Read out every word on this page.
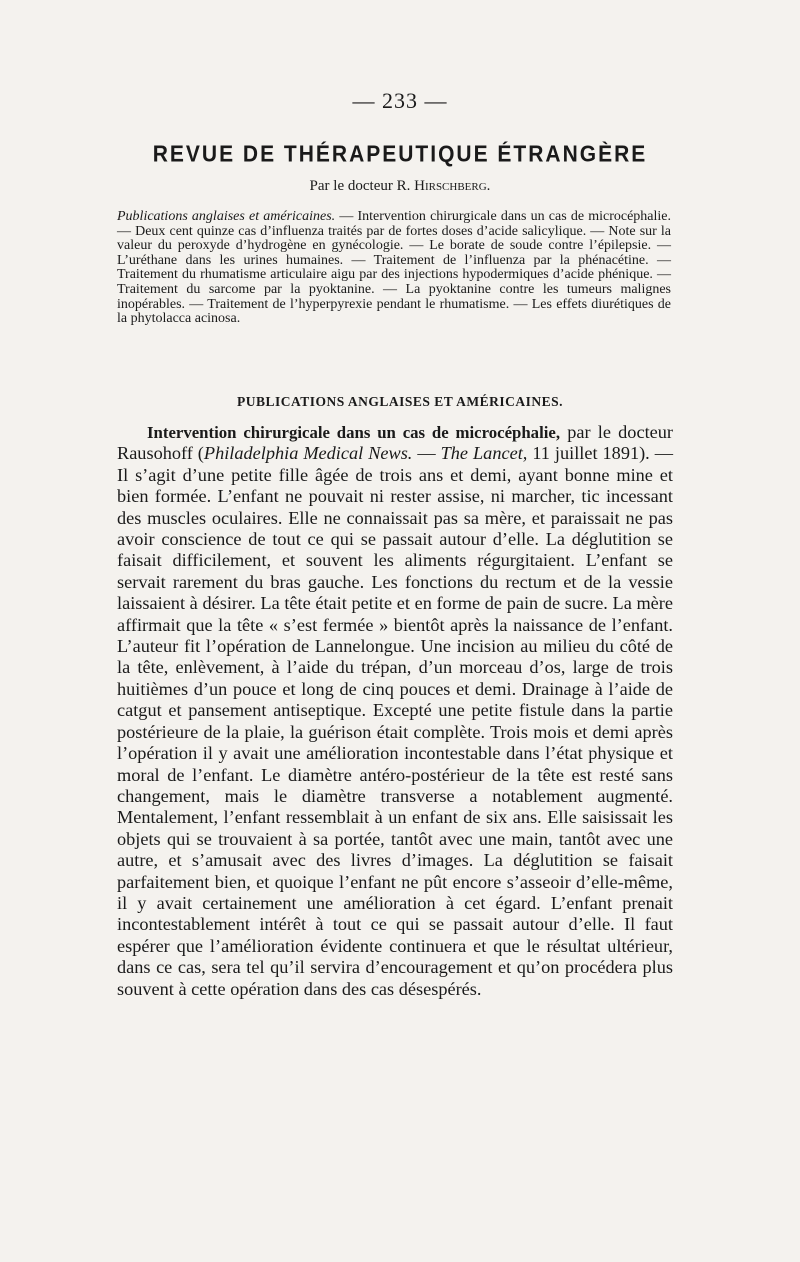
— 233 —
REVUE DE THÉRAPEUTIQUE ÉTRANGÈRE
Par le docteur R. Hirschberg.
Publications anglaises et américaines. — Intervention chirurgicale dans un cas de microcéphalie. — Deux cent quinze cas d’influenza traités par de fortes doses d’acide salicylique. — Note sur la valeur du peroxyde d’hydrogène en gynécologie. — Le borate de soude contre l’épilepsie. — L’uréthane dans les urines humaines. — Traitement de l’influenza par la phénacétine. — Traitement du rhumatisme articulaire aigu par des injections hypodermiques d’acide phénique. — Traitement du sarcome par la pyoktanine. — La pyoktanine contre les tumeurs malignes inopérables. — Traitement de l’hyperpyrexie pendant le rhumatisme. — Les effets diurétiques de la phytolacca acinosa.
PUBLICATIONS ANGLAISES ET AMÉRICAINES.

Intervention chirurgicale dans un cas de microcéphalie, par le docteur Rausohoff (Philadelphia Medical News. — The Lancet, 11 juillet 1891). — Il s’agit d’une petite fille âgée de trois ans et demi, ayant bonne mine et bien formée. L’enfant ne pouvait ni rester assise, ni marcher, tic incessant des muscles oculaires. Elle ne connaissait pas sa mère, et paraissait ne pas avoir conscience de tout ce qui se passait autour d’elle. La déglutition se faisait difficilement, et souvent les aliments régurgitaient. L’enfant se servait rarement du bras gauche. Les fonctions du rectum et de la vessie laissaient à désirer. La tête était petite et en forme de pain de sucre. La mère affirmait que la tête « s’est fermée » bientôt après la naissance de l’enfant. L’auteur fit l’opération de Lannelongue. Une incision au milieu du côté de la tête, enlèvement, à l’aide du trépan, d’un morceau d’os, large de trois huitièmes d’un pouce et long de cinq pouces et demi. Drainage à l’aide de catgut et pansement antiseptique. Excepté une petite fistule dans la partie postérieure de la plaie, la guérison était complète. Trois mois et demi après l’opération il y avait une amélioration incontestable dans l’état physique et moral de l’enfant. Le diamètre antéro-postérieur de la tête est resté sans changement, mais le diamètre transverse a notablement augmenté. Mentalement, l’enfant ressemblait à un enfant de six ans. Elle saisissait les objets qui se trouvaient à sa portée, tantôt avec une main, tantôt avec une autre, et s’amusait avec des livres d’images. La déglutition se faisait parfaitement bien, et quoique l’enfant ne pût encore s’asseoir d’elle-même, il y avait certainement une amélioration à cet égard. L’enfant prenait incontestablement intérêt à tout ce qui se passait autour d’elle. Il faut espérer que l’amélioration évidente continuera et que le résultat ultérieur, dans ce cas, sera tel qu’il servira d’encouragement et qu’on procédera plus souvent à cette opération dans des cas désespérés.
